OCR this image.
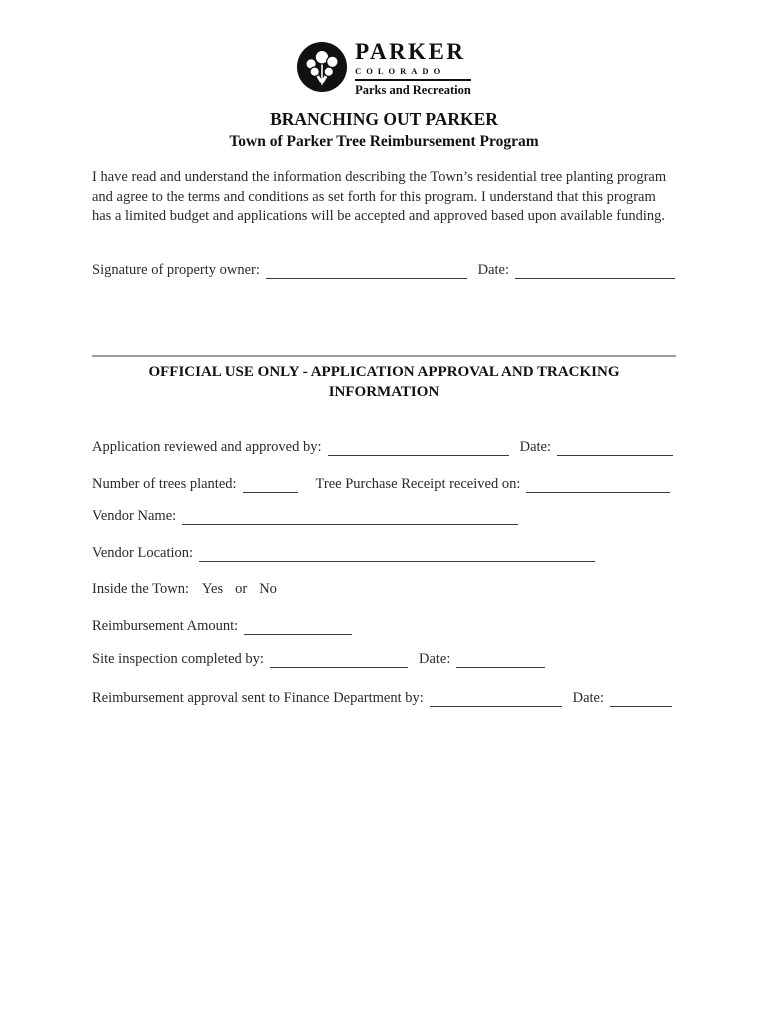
PARKER
COLORADO
Parks and Recreation
BRANCHING OUT PARKER
Town of Parker Tree Reimbursement Program
I have read and understand the information describing the Town’s residential tree planting program and agree to the terms and conditions as set forth for this program. I understand that this program has a limited budget and applications will be accepted and approved based upon available funding.
Signature of property owner:	Date:
OFFICIAL USE ONLY - APPLICATION APPROVAL AND TRACKING INFORMATION
Application reviewed and approved by:	Date:
Number of trees planted:	Tree Purchase Receipt received on:
Vendor Name:
Vendor Location:
Inside the Town: Yes or No
Reimbursement Amount:
Site inspection completed by:	Date:
Reimbursement approval sent to Finance Department by:	Date:
